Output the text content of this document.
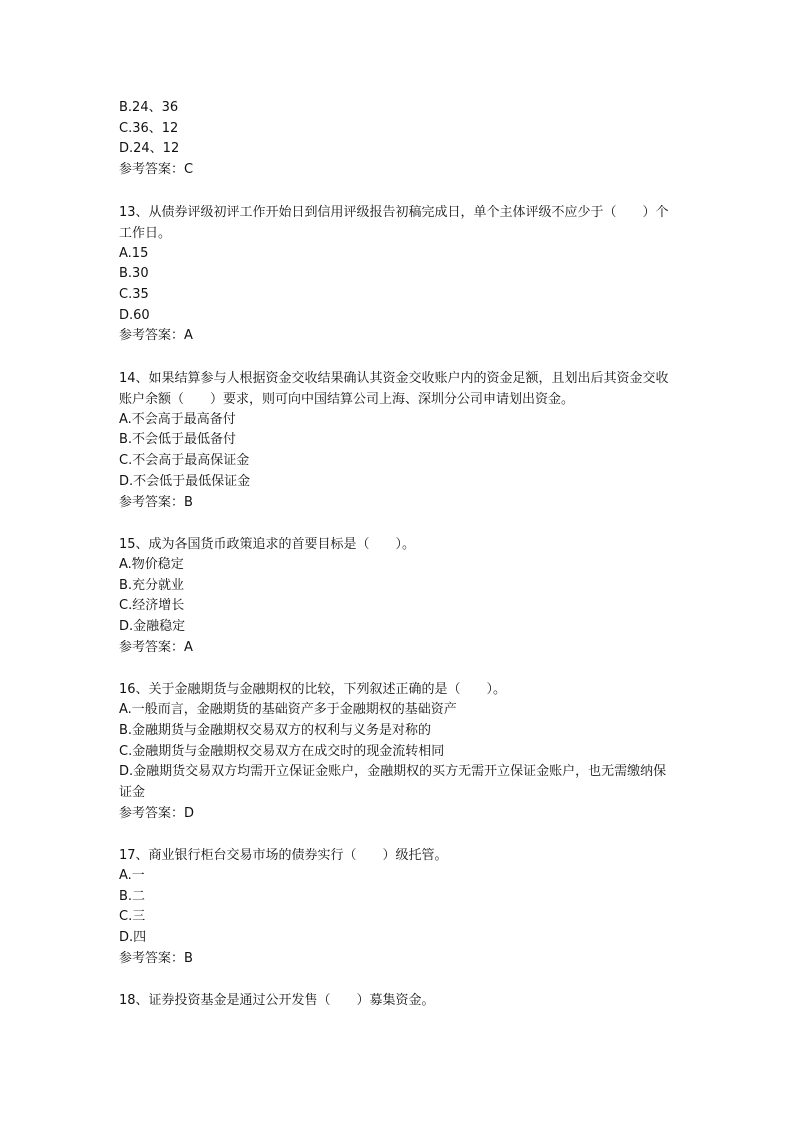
B.24、36
C.36、12
D.24、12
参考答案：C
13、从债券评级初评工作开始日到信用评级报告初稿完成日，单个主体评级不应少于（　　）个工作日。
A.15
B.30
C.35
D.60
参考答案：A
14、如果结算参与人根据资金交收结果确认其资金交收账户内的资金足额，且划出后其资金交收账户余额（　　）要求，则可向中国结算公司上海、深圳分公司申请划出资金。
A.不会高于最高备付
B.不会低于最低备付
C.不会高于最高保证金
D.不会低于最低保证金
参考答案：B
15、成为各国货币政策追求的首要目标是（　　）。
A.物价稳定
B.充分就业
C.经济增长
D.金融稳定
参考答案：A
16、关于金融期货与金融期权的比较，下列叙述正确的是（　　）。
A.一般而言，金融期货的基础资产多于金融期权的基础资产
B.金融期货与金融期权交易双方的权利与义务是对称的
C.金融期货与金融期权交易双方在成交时的现金流转相同
D.金融期货交易双方均需开立保证金账户，金融期权的买方无需开立保证金账户，也无需缴纳保证金
参考答案：D
17、商业银行柜台交易市场的债券实行（　　）级托管。
A.一
B.二
C.三
D.四
参考答案：B
18、证券投资基金是通过公开发售（　　）募集资金。
